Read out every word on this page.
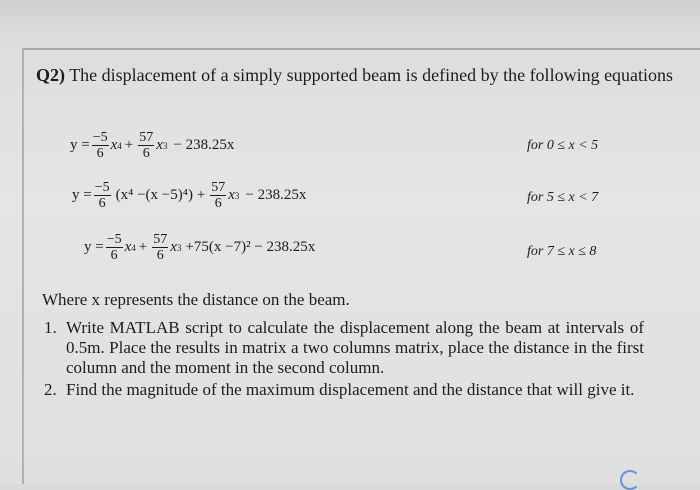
Q2) The displacement of a simply supported beam is defined by the following equations
$y = \frac{-5}{6}$ x $4 + \frac{57}{6}$ x 3 − 238.25x	for 0 ≤ x < 5
$y = \frac{-5}{6} (x^4 -(x -5)^4) + \frac{57}{6}$ x 3 − 238.25x	for 5 ≤ x < 7
$y = \frac{-5}{6}$ x $4 + \frac{57}{6}$ x 3 +75(x −7)² − 238.25x	for 7 ≤ x ≤ 8
Where x represents the distance on the beam.
1. Write MATLAB script to calculate the displacement along the beam at intervals of 0.5m. Place the results in matrix a two columns matrix, place the distance in the first column and the moment in the second column.
2. Find the magnitude of the maximum displacement and the distance that will give it.
